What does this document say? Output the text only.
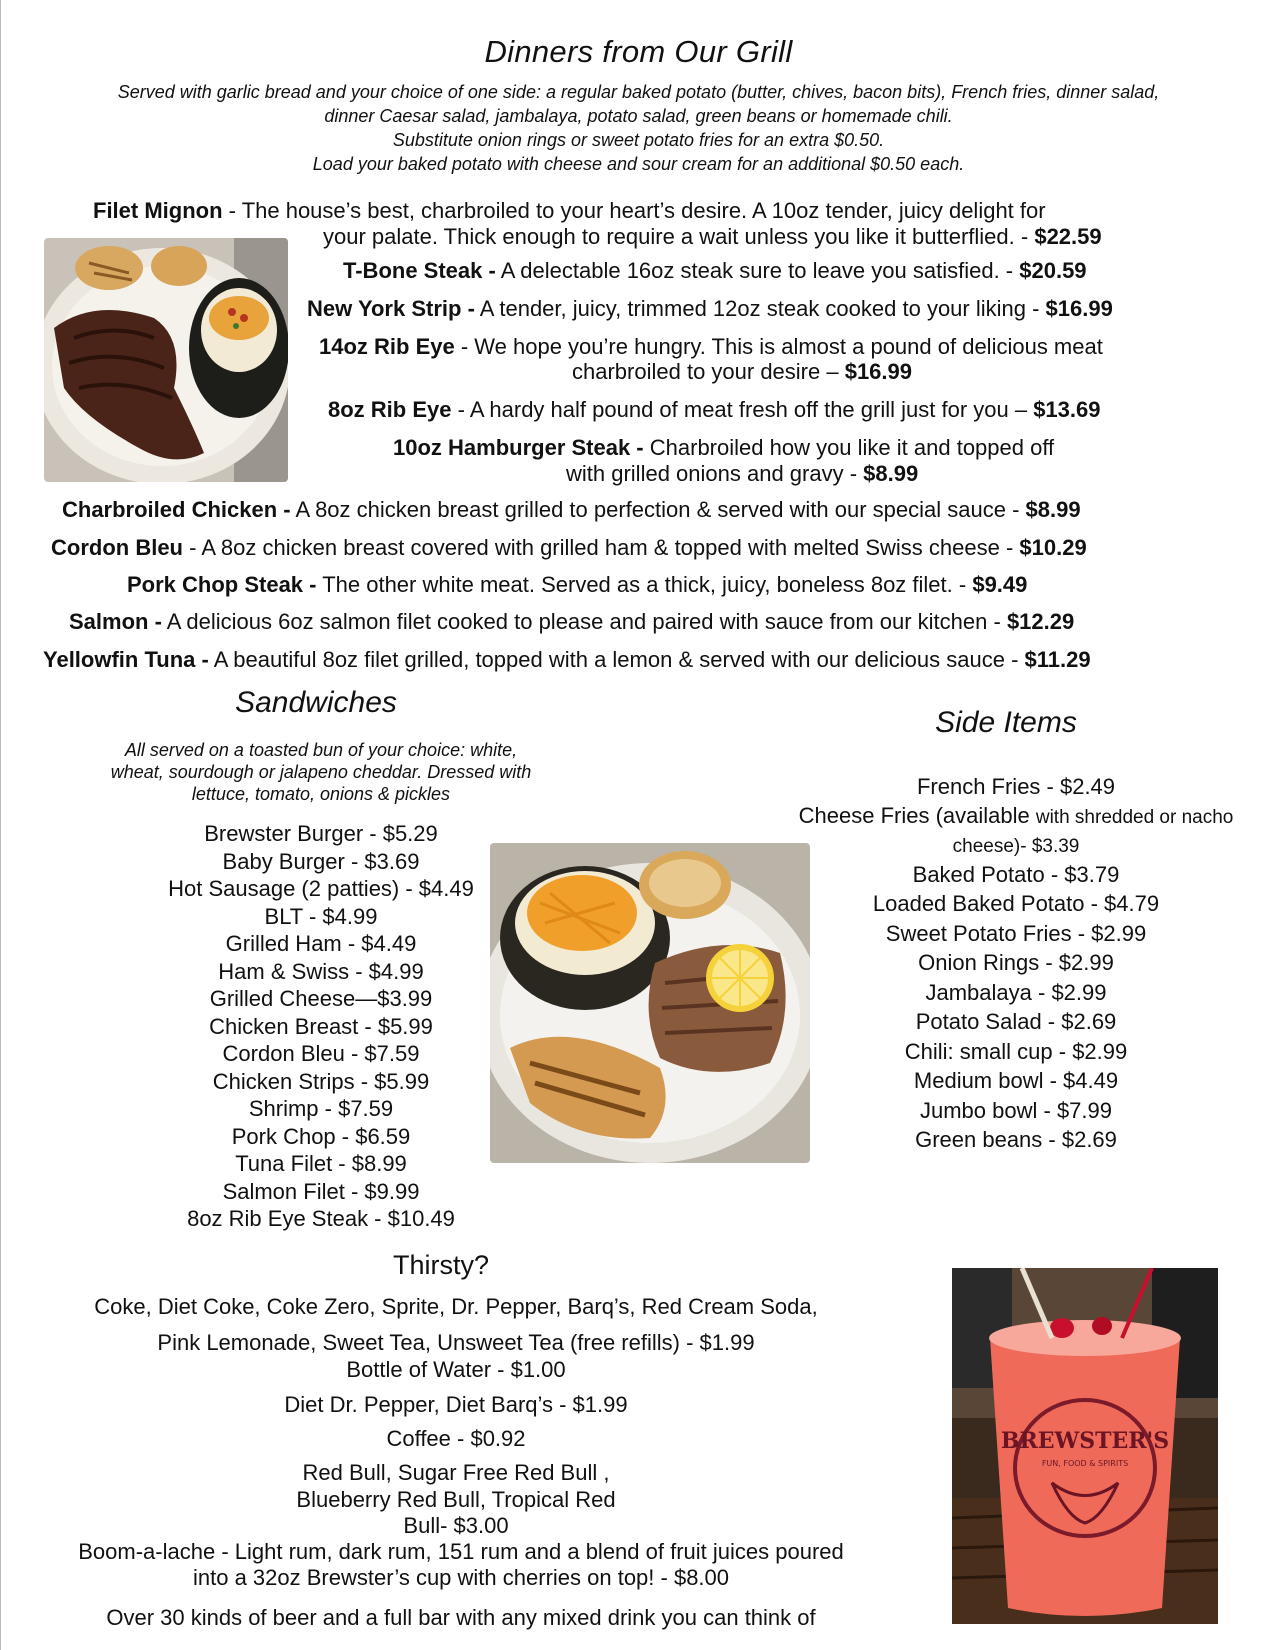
Dinners from Our Grill
Served with garlic bread and your choice of one side: a regular baked potato (butter, chives, bacon bits), French fries, dinner salad,
dinner Caesar salad, jambalaya, potato salad, green beans or homemade chili.
Substitute onion rings or sweet potato fries for an extra $0.50.
Load your baked potato with cheese and sour cream for an additional $0.50 each.
Filet Mignon - The house’s best, charbroiled to your heart’s desire. A 10oz tender, juicy delight for
your palate. Thick enough to require a wait unless you like it butterflied. - $22.59
T-Bone Steak - A delectable 16oz steak sure to leave you satisfied. - $20.59
New York Strip - A tender, juicy, trimmed 12oz steak cooked to your liking - $16.99
14oz Rib Eye - We hope you’re hungry. This is almost a pound of delicious meat
charbroiled to your desire – $16.99
8oz Rib Eye - A hardy half pound of meat fresh off the grill just for you – $13.69
10oz Hamburger Steak - Charbroiled how you like it and topped off
with grilled onions and gravy - $8.99
Charbroiled Chicken - A 8oz chicken breast grilled to perfection & served with our special sauce - $8.99
Cordon Bleu - A 8oz chicken breast covered with grilled ham & topped with melted Swiss cheese - $10.29
Pork Chop Steak - The other white meat. Served as a thick, juicy, boneless 8oz filet. - $9.49
Salmon - A delicious 6oz salmon filet cooked to please and paired with sauce from our kitchen - $12.29
Yellowfin Tuna - A beautiful 8oz filet grilled, topped with a lemon & served with our delicious sauce - $11.29
Sandwiches
All served on a toasted bun of your choice: white,
wheat, sourdough or jalapeno cheddar. Dressed with
lettuce, tomato, onions & pickles
Brewster Burger - $5.29
Baby Burger - $3.69
Hot Sausage (2 patties) - $4.49
BLT - $4.99
Grilled Ham - $4.49
Ham & Swiss - $4.99
Grilled Cheese—$3.99
Chicken Breast - $5.99
Cordon Bleu - $7.59
Chicken Strips - $5.99
Shrimp - $7.59
Pork Chop - $6.59
Tuna Filet - $8.99
Salmon Filet - $9.99
8oz Rib Eye Steak - $10.49
Side Items
French Fries - $2.49
Cheese Fries (available with shredded or nacho
cheese)- $3.39
Baked Potato - $3.79
Loaded Baked Potato - $4.79
Sweet Potato Fries - $2.99
Onion Rings - $2.99
Jambalaya - $2.99
Potato Salad - $2.69
Chili: small cup - $2.99
Medium bowl - $4.49
Jumbo bowl - $7.99
Green beans - $2.69
Thirsty?
Coke, Diet Coke, Coke Zero, Sprite, Dr. Pepper, Barq’s, Red Cream Soda,
Pink Lemonade, Sweet Tea, Unsweet Tea (free refills) - $1.99
Bottle of Water - $1.00
Diet Dr. Pepper, Diet Barq’s - $1.99
Coffee - $0.92
Red Bull, Sugar Free Red Bull ,
Blueberry Red Bull, Tropical Red
Bull- $3.00
Boom-a-lache - Light rum, dark rum, 151 rum and a blend of fruit juices poured
into a 32oz Brewster’s cup with cherries on top! - $8.00
Over 30 kinds of beer and a full bar with any mixed drink you can think of
BREWSTER'S
FUN, FOOD & SPIRITS
